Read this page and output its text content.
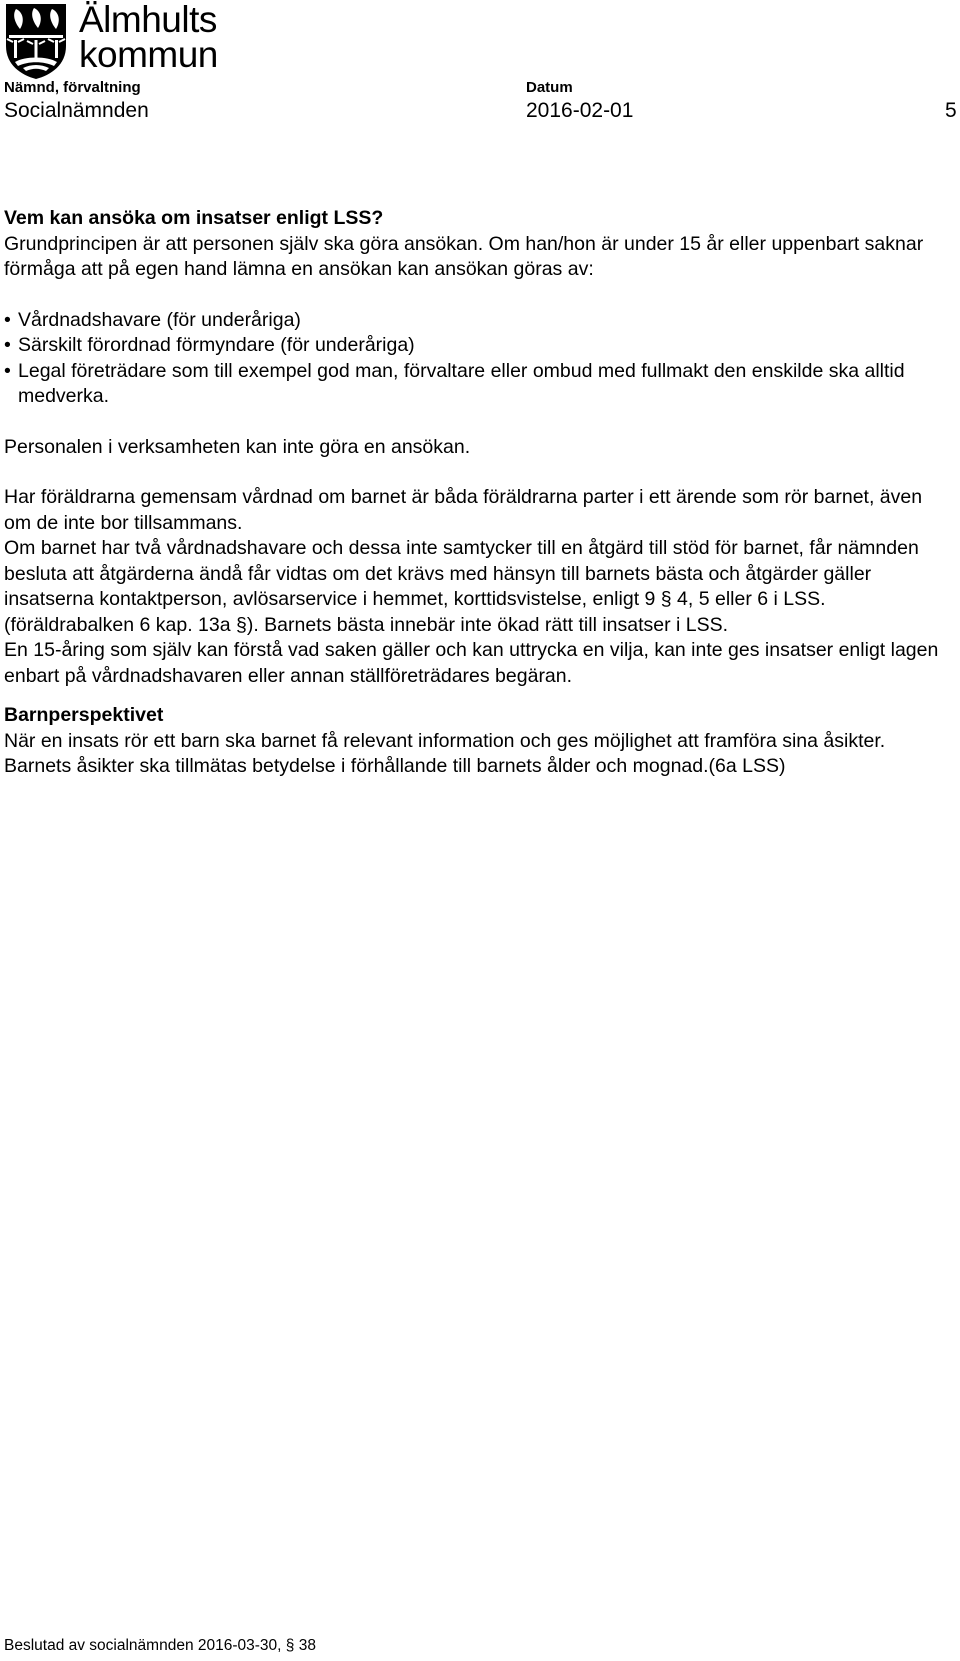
Älmhults
kommun
Nämnd, förvaltning
Socialnämnden
Datum
2016-02-01	5

Vem kan ansöka om insatser enligt LSS?

Grundprincipen är att personen själv ska göra ansökan. Om han/hon är under 15 år eller uppenbart saknar förmåga att på egen hand lämna en ansökan kan ansökan göras av:

• Vårdnadshavare (för underåriga)
• Särskilt förordnad förmyndare (för underåriga)
• Legal företrädare som till exempel god man, förvaltare eller ombud med fullmakt den enskilde ska alltid medverka.

Personalen i verksamheten kan inte göra en ansökan.

Har föräldrarna gemensam vårdnad om barnet är båda föräldrarna parter i ett ärende som rör barnet, även om de inte bor tillsammans.

Om barnet har två vårdnadshavare och dessa inte samtycker till en åtgärd till stöd för barnet, får nämnden besluta att åtgärderna ändå får vidtas om det krävs med hänsyn till barnets bästa och åtgärder gäller insatserna kontaktperson, avlösarservice i hemmet, korttidsvistelse, enligt 9 § 4, 5 eller 6 i LSS. (föräldrabalken 6 kap. 13a §). Barnets bästa innebär inte ökad rätt till insatser i LSS.

En 15-åring som själv kan förstå vad saken gäller och kan uttrycka en vilja, kan inte ges insatser enligt lagen enbart på vårdnadshavaren eller annan ställföreträdares begäran.

Barnperspektivet

När en insats rör ett barn ska barnet få relevant information och ges möjlighet att framföra sina åsikter. Barnets åsikter ska tillmätas betydelse i förhållande till barnets ålder och mognad.(6a LSS)

Beslutad av socialnämnden 2016-03-30, § 38
